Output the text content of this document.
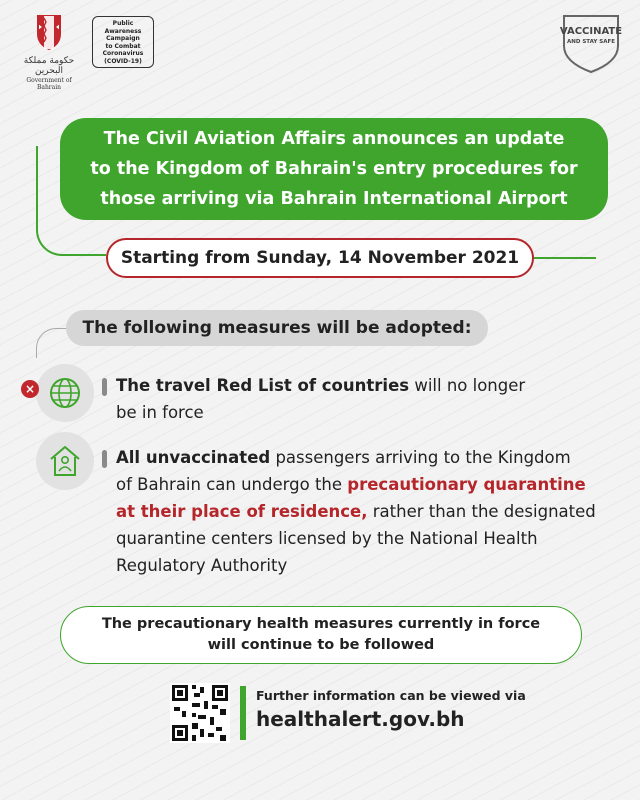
حكومة مملكة البحرين
Government of Bahrain
Public Awareness
Campaign
to Combat
Coronavirus
(COVID-19)
VACCINATE
AND STAY SAFE
The Civil Aviation Affairs announces an update
to the Kingdom of Bahrain's entry procedures for
those arriving via Bahrain International Airport
Starting from Sunday, 14 November 2021
The following measures will be adopted:
×	The travel Red List of countries will no longer
be in force
All unvaccinated passengers arriving to the Kingdom
of Bahrain can undergo the precautionary quarantine
at their place of residence, rather than the designated
quarantine centers licensed by the National Health
Regulatory Authority
The precautionary health measures currently in force
will continue to be followed
Further information can be viewed via
healthalert.gov.bh
